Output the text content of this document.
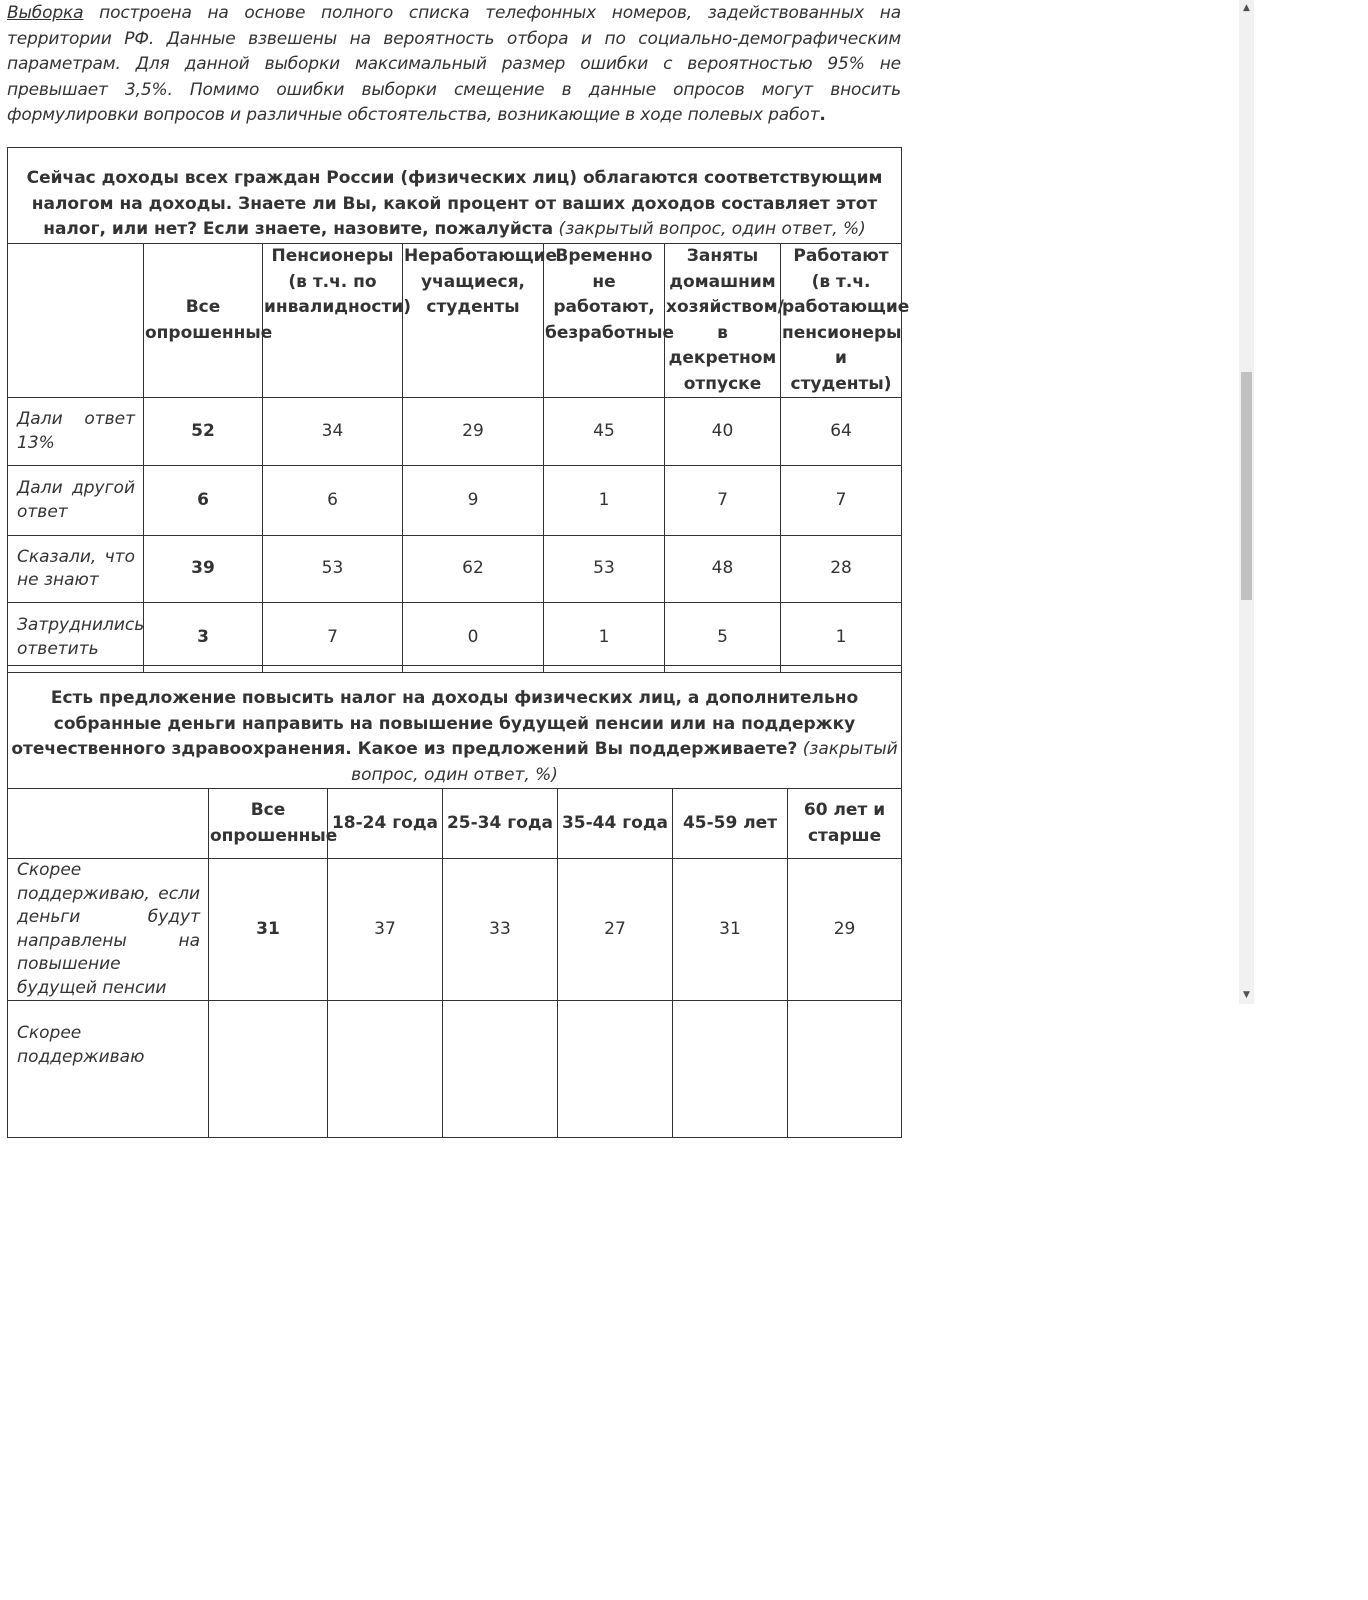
Выборка построена на основе полного списка телефонных номеров, задействованных на территории РФ. Данные взвешены на вероятность отбора и по социально-демографическим параметрам. Для данной выборки максимальный размер ошибки с вероятностью 95% не превышает 3,5%. Помимо ошибки выборки смещение в данные опросов могут вносить формулировки вопросов и различные обстоятельства, возникающие в ходе полевых работ.

Сейчас доходы всех граждан России (физических лиц) облагаются соответствующим налогом на доходы. Знаете ли Вы, какой процент от ваших доходов составляет этот налог, или нет? Если знаете, назовите, пожалуйста (закрытый вопрос, один ответ, %)						
	Все опрошенные	Пенсионеры (в т.ч. по инвалидности)	Неработающие учащиеся, студенты	Временно не работают, безработные	Заняты домашним хозяйством/ в декретном отпуске	Работают (в т.ч. работающие пенсионеры и студенты)
Дали ответ 13%	52	34	29	45	40	64
Дали другой ответ	6	6	9	1	7	7
Сказали, что не знают	39	53	62	53	48	28
Затруднились ответить	3	7	0	1	5	1
Есть предложение повысить налог на доходы физических лиц, а дополнительно собранные деньги направить на повышение будущей пенсии или на поддержку отечественного здравоохранения. Какое из предложений Вы поддерживаете? (закрытый вопрос, один ответ, %)						
	Все опрошенные	18-24 года	25-34 года	35-44 года	45-59 лет	60 лет и старше
Скорее поддерживаю, если деньги будут направлены на повышение будущей пенсии	31	37	33	27	31	29
Скорее поддерживаю						
▲
▼
